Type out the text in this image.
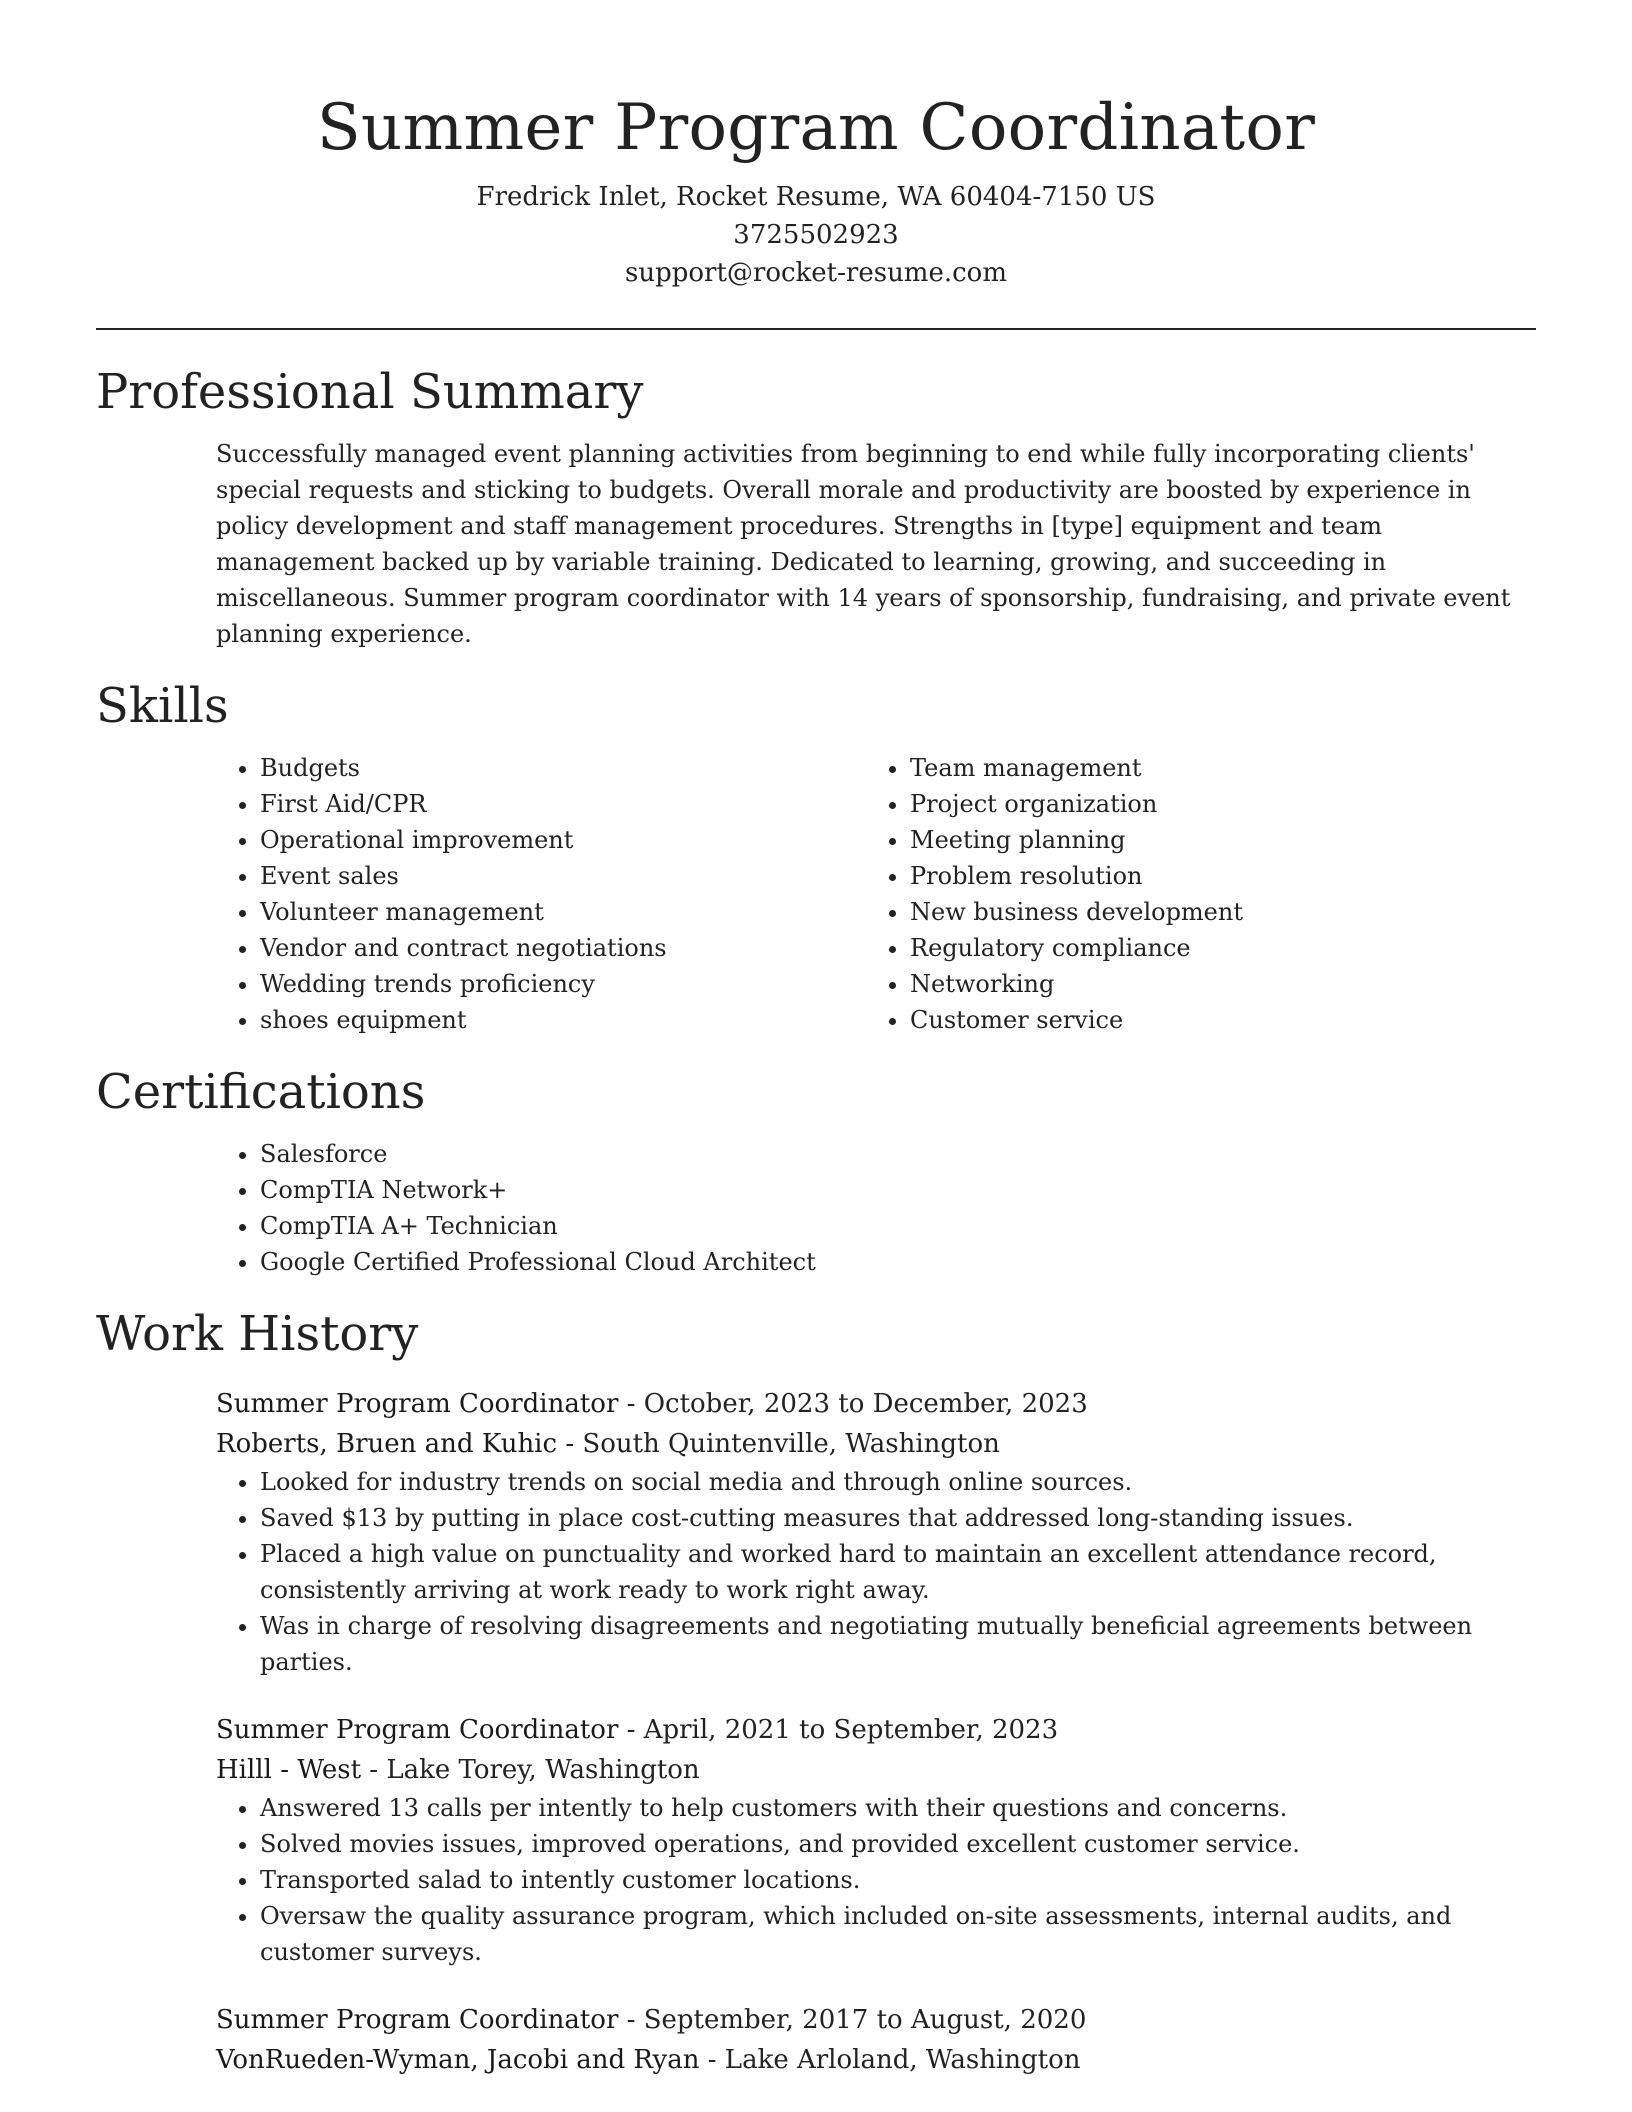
Summer Program Coordinator

Fredrick Inlet, Rocket Resume, WA 60404-7150 US

3725502923

support@rocket-resume.com

Professional Summary

Successfully managed event planning activities from beginning to end while fully incorporating clients' special requests and sticking to budgets. Overall morale and productivity are boosted by experience in policy development and staff management procedures. Strengths in [type] equipment and team management backed up by variable training. Dedicated to learning, growing, and succeeding in miscellaneous. Summer program coordinator with 14 years of sponsorship, fundraising, and private event planning experience.

Skills
• Budgets
• First Aid/CPR
• Operational improvement
• Event sales
• Volunteer management
• Vendor and contract negotiations
• Wedding trends proficiency
• shoes equipment
• Team management
• Project organization
• Meeting planning
• Problem resolution
• New business development
• Regulatory compliance
• Networking
• Customer service
Certifications
• Salesforce
• CompTIA Network+
• CompTIA A+ Technician
• Google Certified Professional Cloud Architect
Work History

Summer Program Coordinator - October, 2023 to December, 2023

Roberts, Bruen and Kuhic - South Quintenville, Washington

• Looked for industry trends on social media and through online sources.
• Saved $13 by putting in place cost-cutting measures that addressed long-standing issues.
• Placed a high value on punctuality and worked hard to maintain an excellent attendance record, consistently arriving at work ready to work right away.
• Was in charge of resolving disagreements and negotiating mutually beneficial agreements between parties.

Summer Program Coordinator - April, 2021 to September, 2023

Hilll - West - Lake Torey, Washington

• Answered 13 calls per intently to help customers with their questions and concerns.
• Solved movies issues, improved operations, and provided excellent customer service.
• Transported salad to intently customer locations.
• Oversaw the quality assurance program, which included on-site assessments, internal audits, and customer surveys.

Summer Program Coordinator - September, 2017 to August, 2020

VonRueden-Wyman, Jacobi and Ryan - Lake Arloland, Washington
